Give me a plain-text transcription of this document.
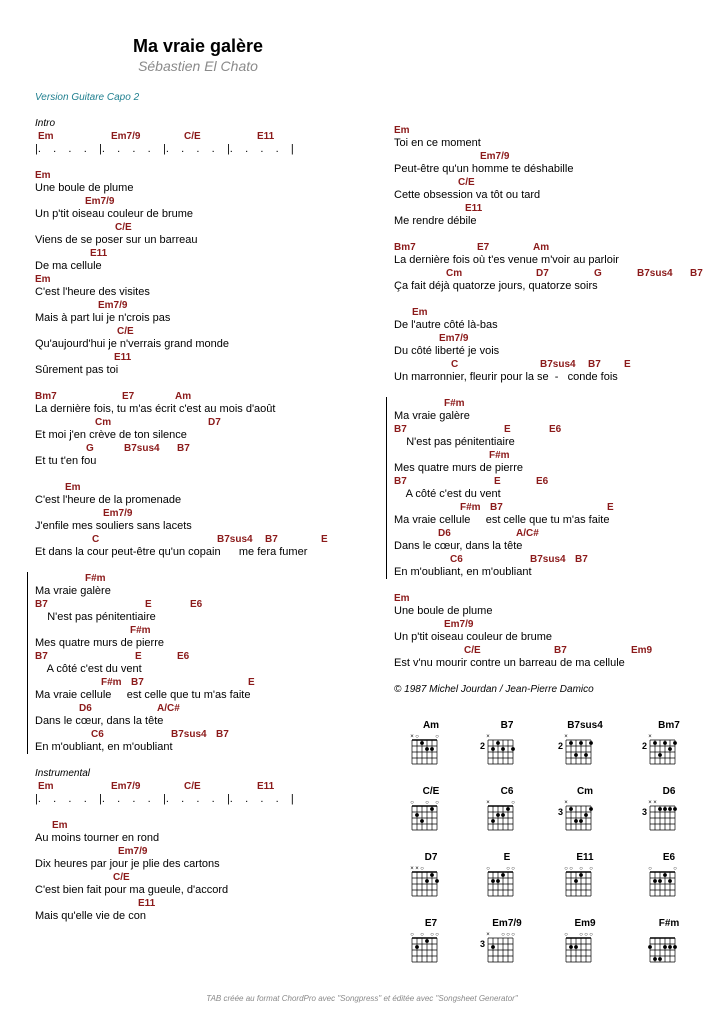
Ma vraie galère
Sébastien El Chato
Version Guitare Capo 2
Intro
Em	Em7/9	C/E	E11
|.    .    .    .    |.    .    .    .    |.    .    .    .    |.    .    .    .    |
Em
Une boule de plume
Em7/9
Un p'tit oiseau couleur de brume
C/E
Viens de se poser sur un barreau
E11
De ma cellule
Em
C'est l'heure des visites
Em7/9
Mais à part lui je n'crois pas
C/E
Qu'aujourd'hui je n'verrais grand monde
E11
Sûrement pas toi
Bm7	E7	Am
La dernière fois, tu m'as écrit c'est au mois d'août
Cm	D7
Et moi j'en crève de ton silence
G	B7sus4 B7
Et tu t'en fou
Em
C'est l'heure de la promenade
Em7/9
J'enfile mes souliers sans lacets
C	B7sus4 B7	E
Et dans la cour peut-être qu'un copain      me fera fumer
F#m
Ma vraie galère
B7	E	E6
N'est pas pénitentiaire
F#m
Mes quatre murs de pierre
B7	E	E6
A côté c'est du vent
F#m B7	E
Ma vraie cellule     est celle que tu m'as faite
D6	A/C#
Dans le cœur, dans la tête
C6	B7sus4 B7
En m'oubliant, en m'oubliant
Instrumental
Em	Em7/9	C/E	E11
|.    .    .    .    |.    .    .    .    |.    .    .    .    |.    .    .    .    |
Em
Au moins tourner en rond
Em7/9
Dix heures par jour je plie des cartons
C/E
C'est bien fait pour ma gueule, d'accord
E11
Mais qu'elle vie de con
Em
Toi en ce moment
Em7/9
Peut-être qu'un homme te déshabille
C/E
Cette obsession va tôt ou tard
E11
Me rendre débile
Bm7	E7	Am
La dernière fois où t'es venue m'voir au parloir
Cm	D7	G	B7sus4 B7
Ça fait déjà quatorze jours, quatorze soirs
Em
De l'autre côté là-bas
Em7/9
Du côté liberté je vois
C	B7sus4 B7 E
Un marronnier, fleurir pour la se  -   conde fois
F#m
Ma vraie galère
B7	E	E6
N'est pas pénitentiaire
F#m
Mes quatre murs de pierre
B7	E	E6
A côté c'est du vent
F#m B7	E
Ma vraie cellule     est celle que tu m'as faite
D6	A/C#
Dans le cœur, dans la tête
C6	B7sus4 B7
En m'oubliant, en m'oubliant
Em
Une boule de plume
Em7/9
Un p'tit oiseau couleur de brume
C/E	B7	Em9
Est v'nu mourir contre un barreau de ma cellule
© 1987 Michel Jourdan / Jean-Pierre Damico
Am
× ○	○
B7
×
2
B7sus4
×
2
Bm7
×
2
C/E
○ ○ ○
C6
×	○
Cm
×
3
D6
× ×
3
D7
× × ○
E
○	○ ○
E11
○ ○ ○ ○
E6
○	○
E7
○ ○ ○ ○
Em7/9
× ○ ○ ○
3
Em9
○ ○ ○ ○
F#m
TAB créée au format ChordPro avec "Songpress" et éditée avec "Songsheet Generator"
